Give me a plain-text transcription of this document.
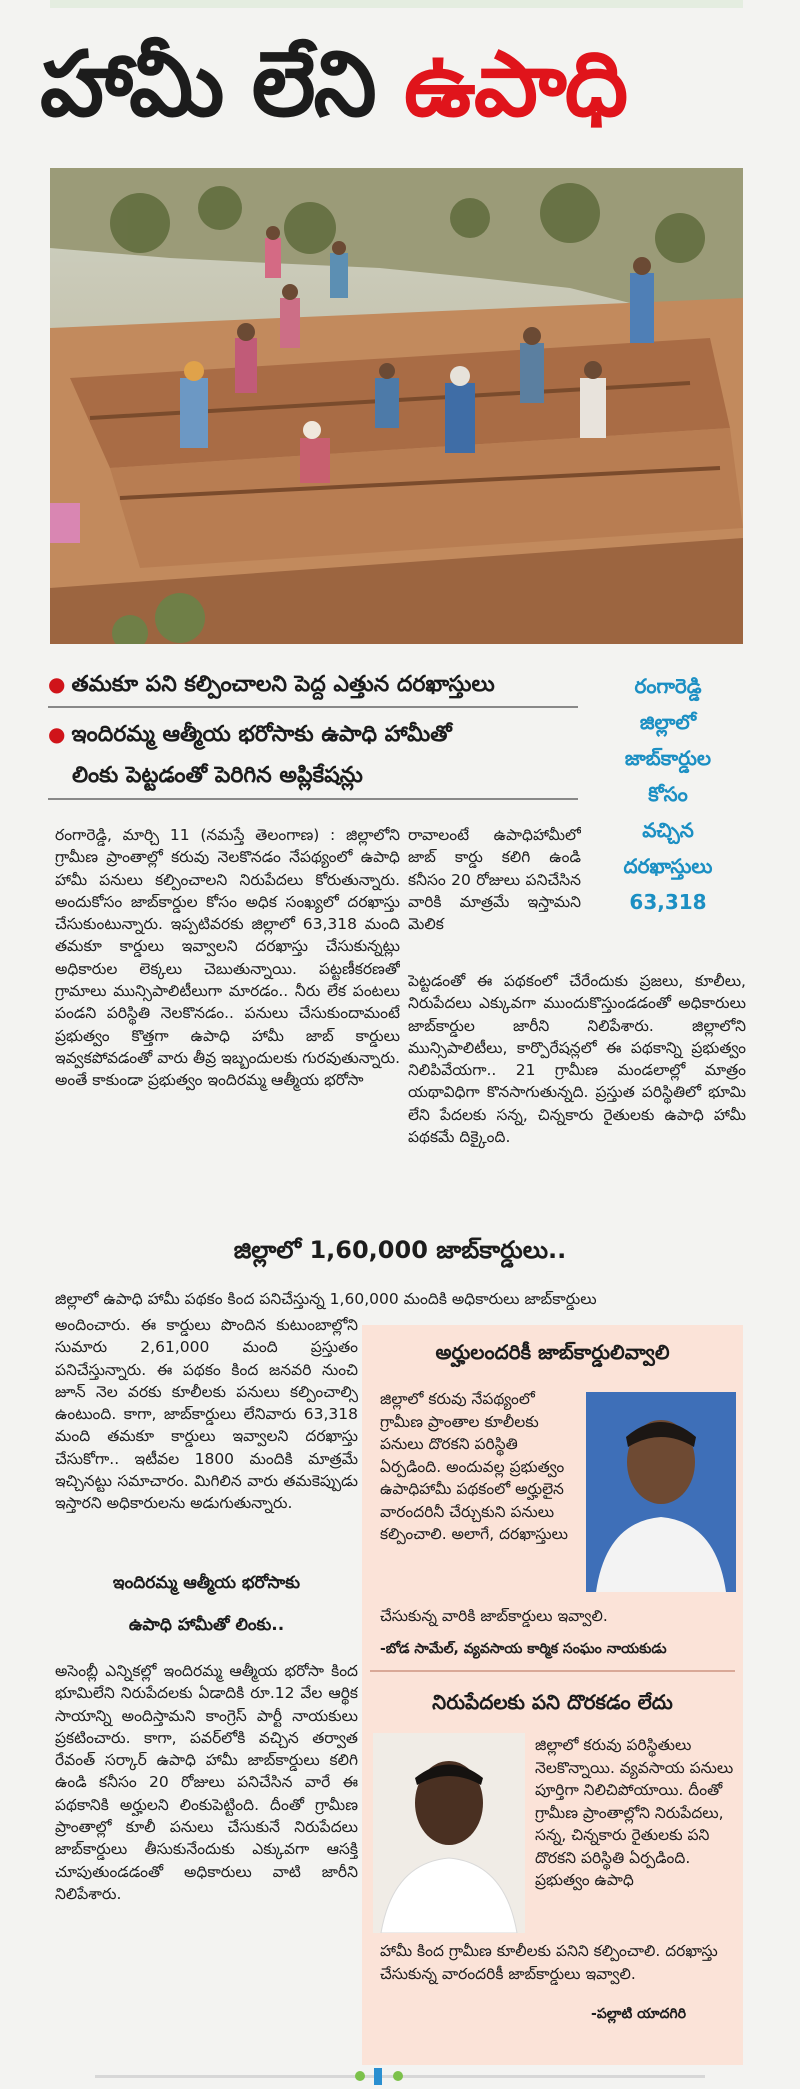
హామీ లేని ఉపాధి
● తమకూ పని కల్పించాలని పెద్ద ఎత్తున దరఖాస్తులు
● ఇందిరమ్మ ఆత్మీయ భరోసాకు ఉపాధి హామీతో
లింకు పెట్టడంతో పెరిగిన అప్లికేషన్లు
రంగారెడ్డి
జిల్లాలో
జాబ్‌కార్డుల
కోసం
వచ్చిన
దరఖాస్తులు
63,318
రంగారెడ్డి, మార్చి 11 (నమస్తే తెలంగాణ) : జిల్లాలోని గ్రామీణ ప్రాంతాల్లో కరువు నెలకొనడం నేపథ్యంలో ఉపాధి హామీ పనులు కల్పించాలని నిరుపేదలు కోరుతున్నారు. అందుకోసం జాబ్‌కార్డుల కోసం అధిక సంఖ్యలో దరఖాస్తు చేసుకుంటున్నారు. ఇప్పటివరకు జిల్లాలో 63,318 మంది తమకూ కార్డులు ఇవ్వాలని దరఖాస్తు చేసుకున్నట్లు అధికారుల లెక్కలు చెబుతున్నాయి. పట్టణీకరణతో గ్రామాలు మున్సిపాలిటీలుగా మారడం.. నీరు లేక పంటలు పండని పరిస్థితి నెలకొనడం.. పనులు చేసుకుందామంటే ప్రభుత్వం కొత్తగా ఉపాధి హామీ జాబ్ కార్డులు ఇవ్వకపోవడంతో వారు తీవ్ర ఇబ్బందులకు గురవుతున్నారు. అంతే కాకుండా ప్రభుత్వం ఇందిరమ్మ ఆత్మీయ భరోసా
రావాలంటే ఉపాధిహామీలో జాబ్ కార్డు కలిగి ఉండి కనీసం 20 రోజులు పనిచేసిన వారికి మాత్రమే ఇస్తామని మెలిక
పెట్టడంతో ఈ పథకంలో చేరేందుకు ప్రజలు, కూలీలు, నిరుపేదలు ఎక్కువగా ముందుకొస్తుండడంతో అధికారులు జాబ్‌కార్డుల జారీని నిలిపేశారు. జిల్లాలోని మున్సిపాలిటీలు, కార్పొరేషన్లలో ఈ పథకాన్ని ప్రభుత్వం నిలిపివేయగా.. 21 గ్రామీణ మండలాల్లో మాత్రం యథావిధిగా కొనసాగుతున్నది. ప్రస్తుత పరిస్థితిలో భూమి లేని పేదలకు సన్న, చిన్నకారు రైతులకు ఉపాధి హామీ పథకమే దిక్కైంది.
జిల్లాలో 1,60,000 జాబ్‌కార్డులు..
జిల్లాలో ఉపాధి హామీ పథకం కింద పనిచేస్తున్న 1,60,000 మందికి అధికారులు జాబ్‌కార్డులు
అందించారు. ఈ కార్డులు పొందిన కుటుంబాల్లోని సుమారు 2,61,000 మంది ప్రస్తుతం పనిచేస్తున్నారు. ఈ పథకం కింద జనవరి నుంచి జూన్ నెల వరకు కూలీలకు పనులు కల్పించాల్సి ఉంటుంది. కాగా, జాబ్‌కార్డులు లేనివారు 63,318 మంది తమకూ కార్డులు ఇవ్వాలని దరఖాస్తు చేసుకోగా.. ఇటీవల 1800 మందికి మాత్రమే ఇచ్చినట్టు సమాచారం. మిగిలిన వారు తమకెప్పుడు ఇస్తారని అధికారులను అడుగుతున్నారు.
ఇందిరమ్మ ఆత్మీయ భరోసాకు
ఉపాధి హామీతో లింకు..
అసెంబ్లీ ఎన్నికల్లో ఇందిరమ్మ ఆత్మీయ భరోసా కింద భూమిలేని నిరుపేదలకు ఏడాదికి రూ.12 వేల ఆర్థిక సాయాన్ని అందిస్తామని కాంగ్రెస్ పార్టీ నాయకులు ప్రకటించారు. కాగా, పవర్‌లోకి వచ్చిన తర్వాత రేవంత్ సర్కార్ ఉపాధి హామీ జాబ్‌కార్డులు కలిగి ఉండి కనీసం 20 రోజులు పనిచేసిన వారే ఈ పథకానికి అర్హులని లింకుపెట్టింది. దీంతో గ్రామీణ ప్రాంతాల్లో కూలీ పనులు చేసుకునే నిరుపేదలు జాబ్‌కార్డులు తీసుకునేందుకు ఎక్కువగా ఆసక్తి చూపుతుండడంతో అధికారులు వాటి జారీని నిలిపేశారు.
అర్హులందరికీ జాబ్‌కార్డులివ్వాలి
జిల్లాలో కరువు నేపథ్యంలో గ్రామీణ ప్రాంతాల కూలీలకు పనులు దొరకని పరిస్థితి ఏర్పడింది. అందువల్ల ప్రభుత్వం ఉపాధిహామీ పథకంలో అర్హులైన వారందరినీ చేర్చుకుని పనులు కల్పించాలి. అలాగే, దరఖాస్తులు
చేసుకున్న వారికి జాబ్‌కార్డులు ఇవ్వాలి.
-బోడ సామేల్, వ్యవసాయ కార్మిక సంఘం నాయకుడు
నిరుపేదలకు పని దొరకడం లేదు
జిల్లాలో కరువు పరిస్థితులు నెలకొన్నాయి. వ్యవసాయ పనులు పూర్తిగా నిలిచిపోయాయి. దీంతో గ్రామీణ ప్రాంతాల్లోని నిరుపేదలు, సన్న, చిన్నకారు రైతులకు పని దొరకని పరిస్థితి ఏర్పడింది. ప్రభుత్వం ఉపాధి
హామీ కింద గ్రామీణ కూలీలకు పనిని కల్పించాలి. దరఖాస్తు చేసుకున్న వారందరికీ జాబ్‌కార్డులు ఇవ్వాలి.
-పల్లాటి యాదగిరి
